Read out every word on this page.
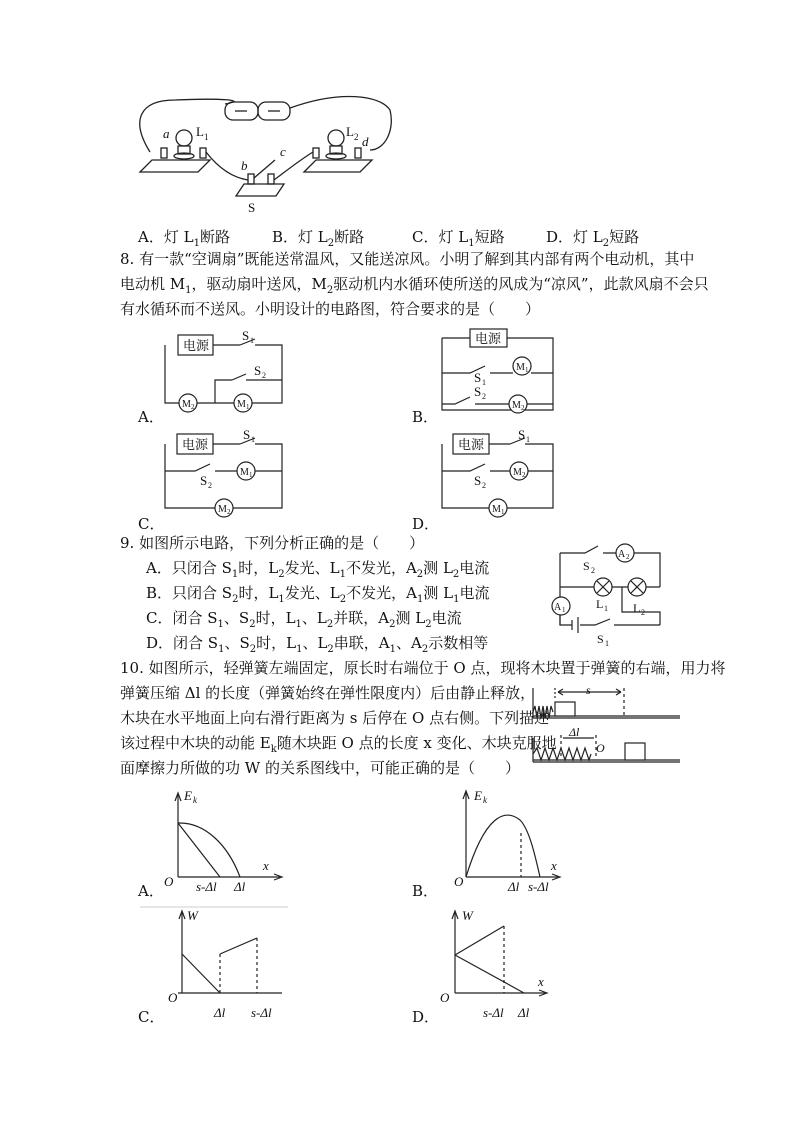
a L 1	L 2
b
c
d
S
A．灯 $L_1$断路	B．灯 $L_2$断路	C．灯 $L_1$短路	D．灯 $L_2$短路
8. 有一款“空调扇”既能送常温风，又能送凉风。小明了解到其内部有两个电动机，其中
电动机 $M_1$，驱动扇叶送风，$M_2$驱动机内水循环使所送的风成为“凉风”，此款风扇不会只
有水循环而不送风。小明设计的电路图，符合要求的是（　　）
电源
S 1
S 2
M 2	M 1
电源
S 1
S 2
M 1
M 2
电源
S 1
S 2
M 1
M 2
电源
S 1
S 2
M 2
M 1
A．	B．
C．	D．
9. 如图所示电路，下列分析正确的是（　　）
A．只闭合 $S_1$时，$L_2$发光、$L_1$不发光，$A_2$测 $L_2$电流
B．只闭合 $S_2$时，$L_1$发光、$L_2$不发光，$A_1$测 $L_1$电流
C．闭合 $S_1$、$S_2$时，$L_1$、$L_2$并联，$A_2$测 $L_2$电流
D．闭合 $S_1$、$S_2$时，$L_1$、$L_2$串联，$A_1$、$A_2$示数相等
S 2
A 2
A 1	L 1 L 2
S 1
10. 如图所示，轻弹簧左端固定，原长时右端位于 O 点，现将木块置于弹簧的右端，用力将
弹簧压缩 Δl 的长度（弹簧始终在弹性限度内）后由静止释放，
木块在水平地面上向右滑行距离为 s 后停在 O 点右侧。下列描述
该过程中木块的动能 $E_k$随木块距 O 点的长度 x 变化、木块克服地
面摩擦力所做的功 W 的关系图线中，可能正确的是（　　）
s
Δl
O
E k
x
O s-Δl Δl
E k
x
O	Δl s-Δl
W
O
Δl s-Δl
W
x
O
s-Δl Δl
A．	B．
C．	D．
